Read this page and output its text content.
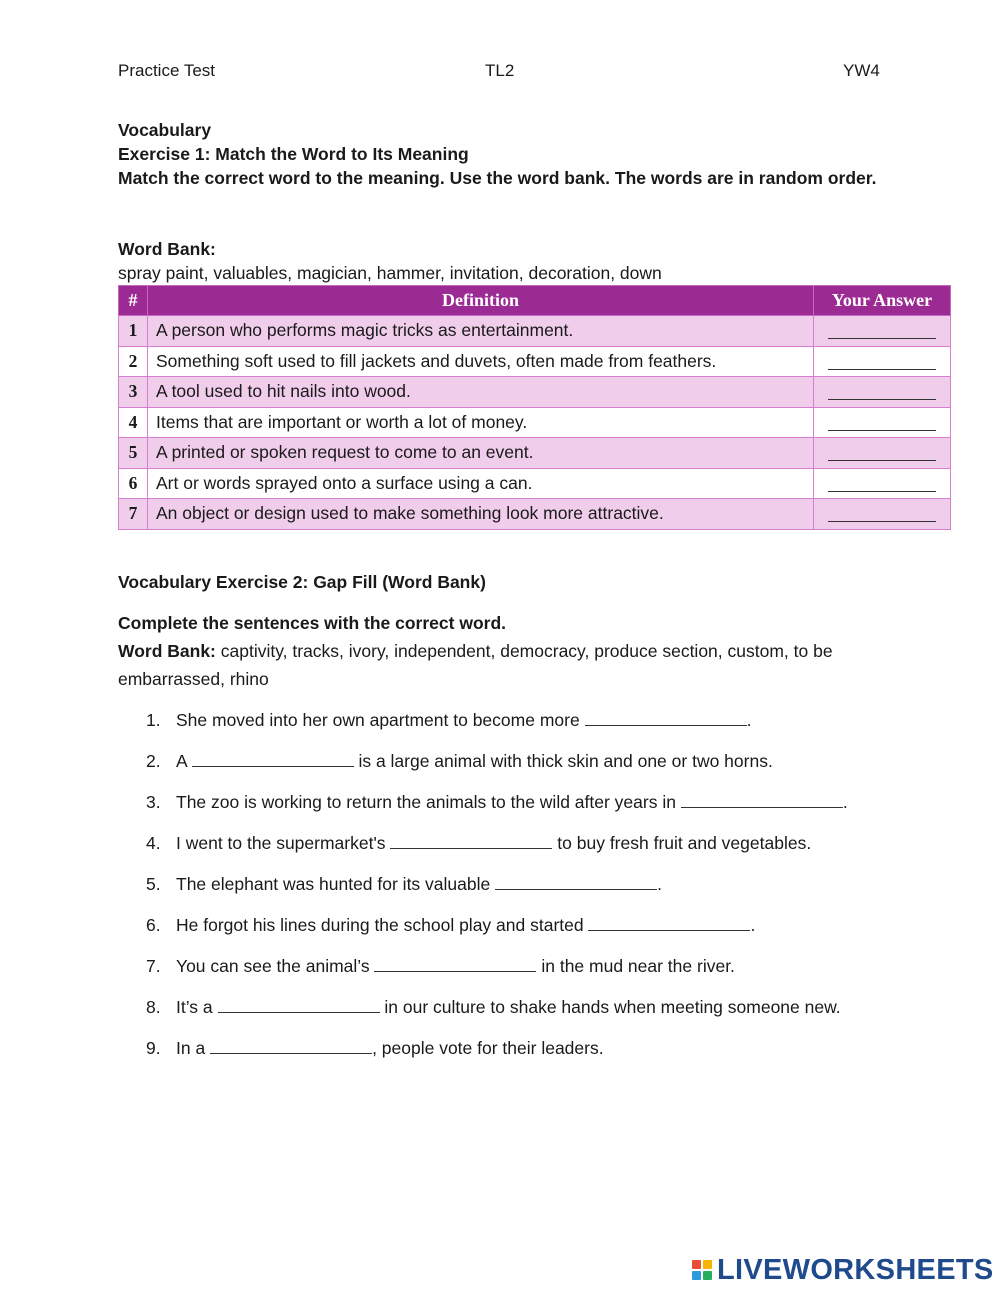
Practice Test	TL2	YW4
Vocabulary
Exercise 1: Match the Word to Its Meaning
Match the correct word to the meaning. Use the word bank. The words are in random order.
Word Bank:
spray paint, valuables, magician, hammer, invitation, decoration, down
#	Definition	Your Answer
1	A person who performs magic tricks as entertainment.	
2	Something soft used to fill jackets and duvets, often made from feathers.	
3	A tool used to hit nails into wood.	
4	Items that are important or worth a lot of money.	
5	A printed or spoken request to come to an event.	
6	Art or words sprayed onto a surface using a can.	
7	An object or design used to make something look more attractive.	
Vocabulary Exercise 2: Gap Fill (Word Bank)
Complete the sentences with the correct word.
Word Bank: captivity, tracks, ivory, independent, democracy, produce section, custom, to be embarrassed, rhino
1. She moved into her own apartment to become more	.
2. A	is a large animal with thick skin and one or two horns.
3. The zoo is working to return the animals to the wild after years in	.
4. I went to the supermarket's	to buy fresh fruit and vegetables.
5. The elephant was hunted for its valuable	.
6. He forgot his lines during the school play and started	.
7. You can see the animal’s	in the mud near the river.
8. It’s a	in our culture to shake hands when meeting someone new.
9. In a	, people vote for their leaders.
LIVEWORKSHEETS
